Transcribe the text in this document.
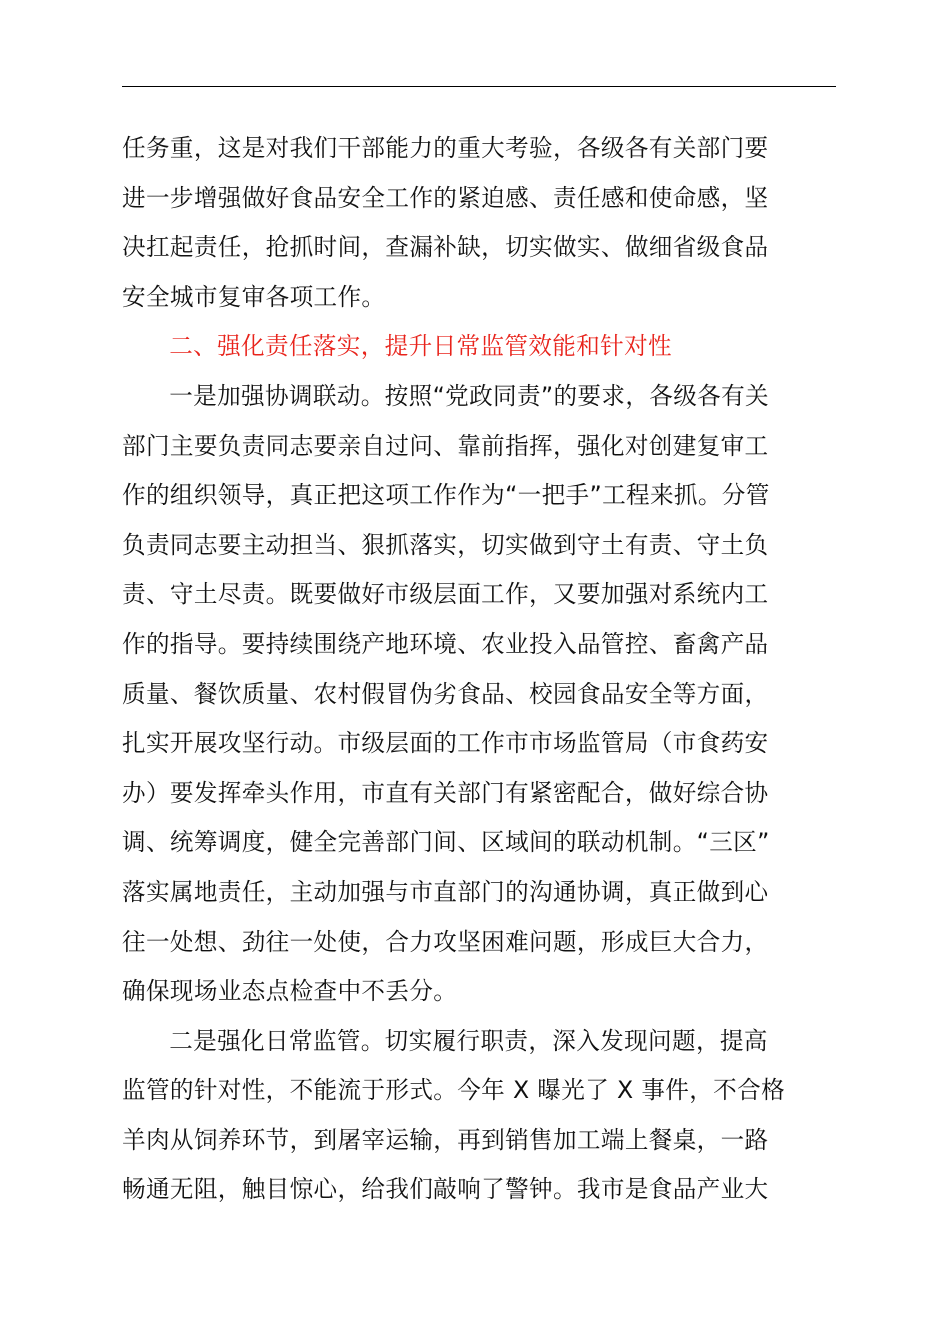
任务重，这是对我们干部能力的重大考验，各级各有关部门要
进一步增强做好食品安全工作的紧迫感、责任感和使命感，坚
决扛起责任，抢抓时间，查漏补缺，切实做实、做细省级食品
安全城市复审各项工作。

二、强化责任落实，提升日常监管效能和针对性

一是加强协调联动。按照“党政同责”的要求，各级各有关
部门主要负责同志要亲自过问、靠前指挥，强化对创建复审工
作的组织领导，真正把这项工作作为“一把手”工程来抓。分管
负责同志要主动担当、狠抓落实，切实做到守土有责、守土负
责、守土尽责。既要做好市级层面工作，又要加强对系统内工
作的指导。要持续围绕产地环境、农业投入品管控、畜禽产品
质量、餐饮质量、农村假冒伪劣食品、校园食品安全等方面，
扎实开展攻坚行动。市级层面的工作市市场监管局（市食药安
办）要发挥牵头作用，市直有关部门有紧密配合，做好综合协
调、统筹调度，健全完善部门间、区域间的联动机制。“三区”
落实属地责任，主动加强与市直部门的沟通协调，真正做到心
往一处想、劲往一处使，合力攻坚困难问题，形成巨大合力，
确保现场业态点检查中不丢分。

二是强化日常监管。切实履行职责，深入发现问题，提高
监管的针对性，不能流于形式。今年 X 曝光了 X 事件，不合格
羊肉从饲养环节，到屠宰运输，再到销售加工端上餐桌，一路
畅通无阻，触目惊心，给我们敲响了警钟。我市是食品产业大
